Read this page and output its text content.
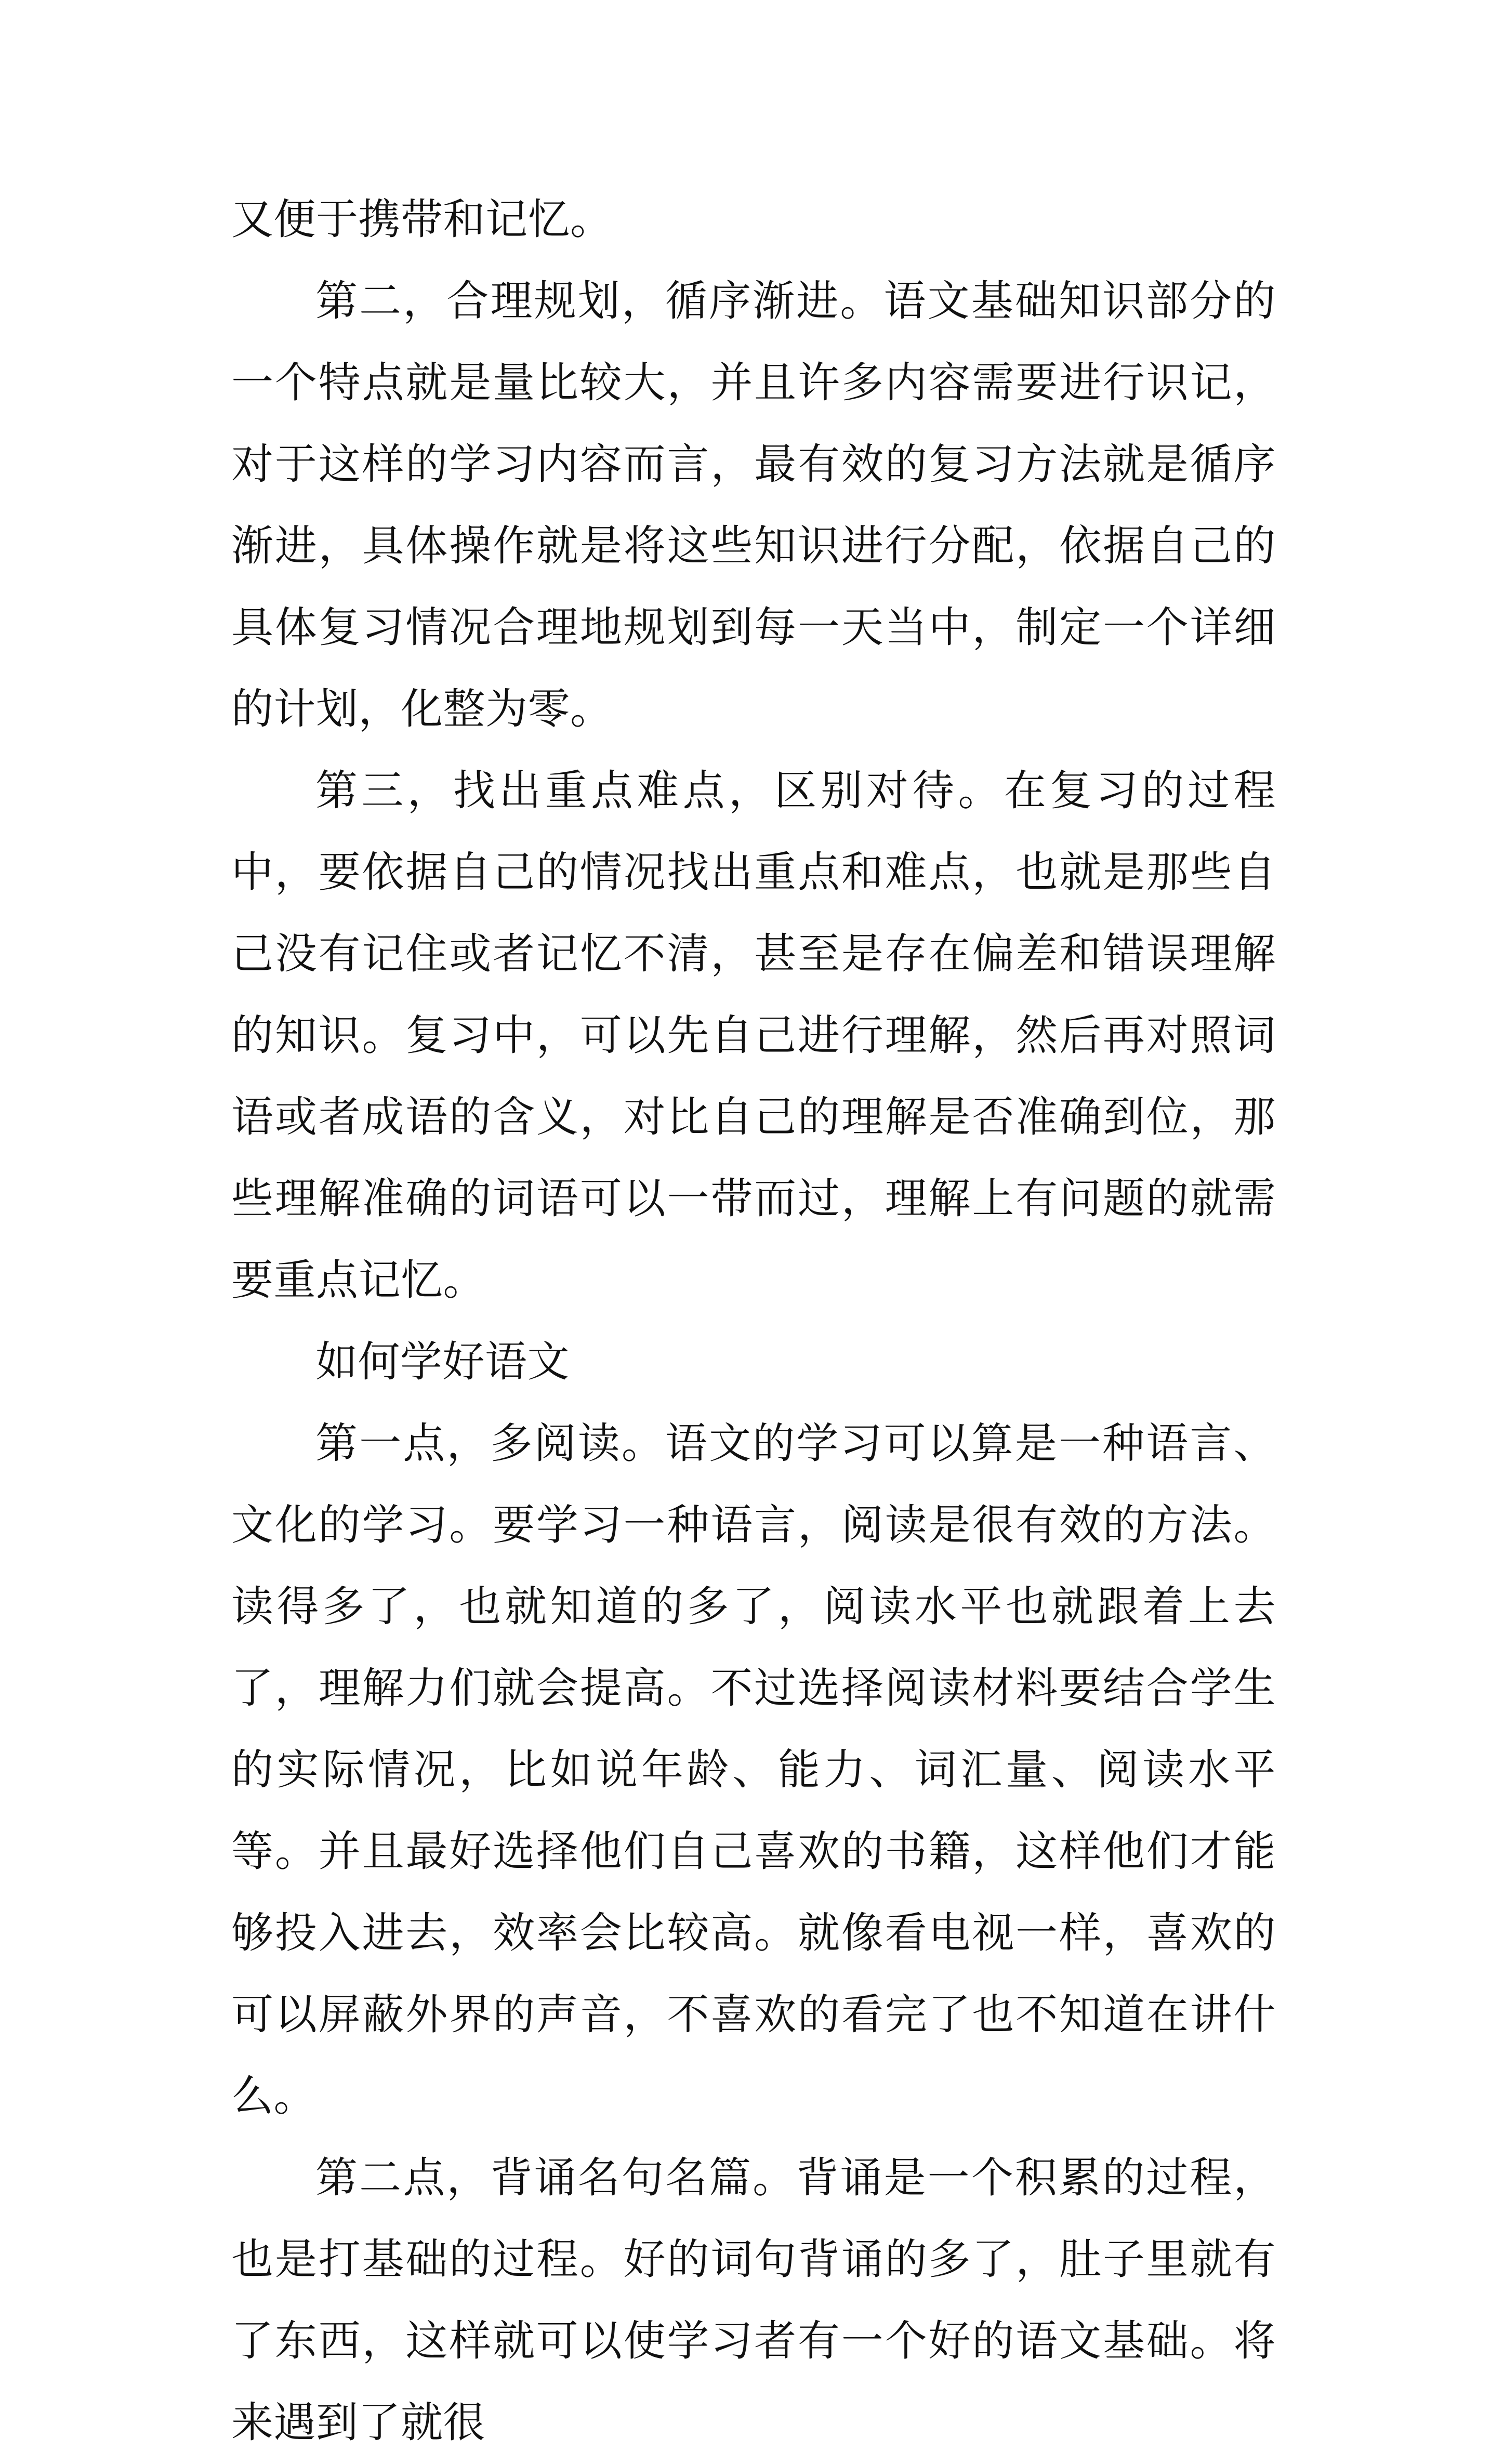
又便于携带和记忆。

第二，合理规划，循序渐进。语文基础知识部分的一个特点就是量比较大，并且许多内容需要进行识记，对于这样的学习内容而言，最有效的复习方法就是循序渐进，具体操作就是将这些知识进行分配，依据自己的具体复习情况合理地规划到每一天当中，制定一个详细的计划，化整为零。

第三，找出重点难点，区别对待。在复习的过程中，要依据自己的情况找出重点和难点，也就是那些自己没有记住或者记忆不清，甚至是存在偏差和错误理解的知识。复习中，可以先自己进行理解，然后再对照词语或者成语的含义，对比自己的理解是否准确到位，那些理解准确的词语可以一带而过，理解上有问题的就需要重点记忆。

如何学好语文

第一点，多阅读。语文的学习可以算是一种语言、文化的学习。要学习一种语言，阅读是很有效的方法。读得多了，也就知道的多了，阅读水平也就跟着上去了，理解力们就会提高。不过选择阅读材料要结合学生的实际情况，比如说年龄、能力、词汇量、阅读水平等。并且最好选择他们自己喜欢的书籍，这样他们才能够投入进去，效率会比较高。就像看电视一样，喜欢的可以屏蔽外界的声音，不喜欢的看完了也不知道在讲什么。

第二点，背诵名句名篇。背诵是一个积累的过程，也是打基础的过程。好的词句背诵的多了，肚子里就有了东西，这样就可以使学习者有一个好的语文基础。将来遇到了就很
